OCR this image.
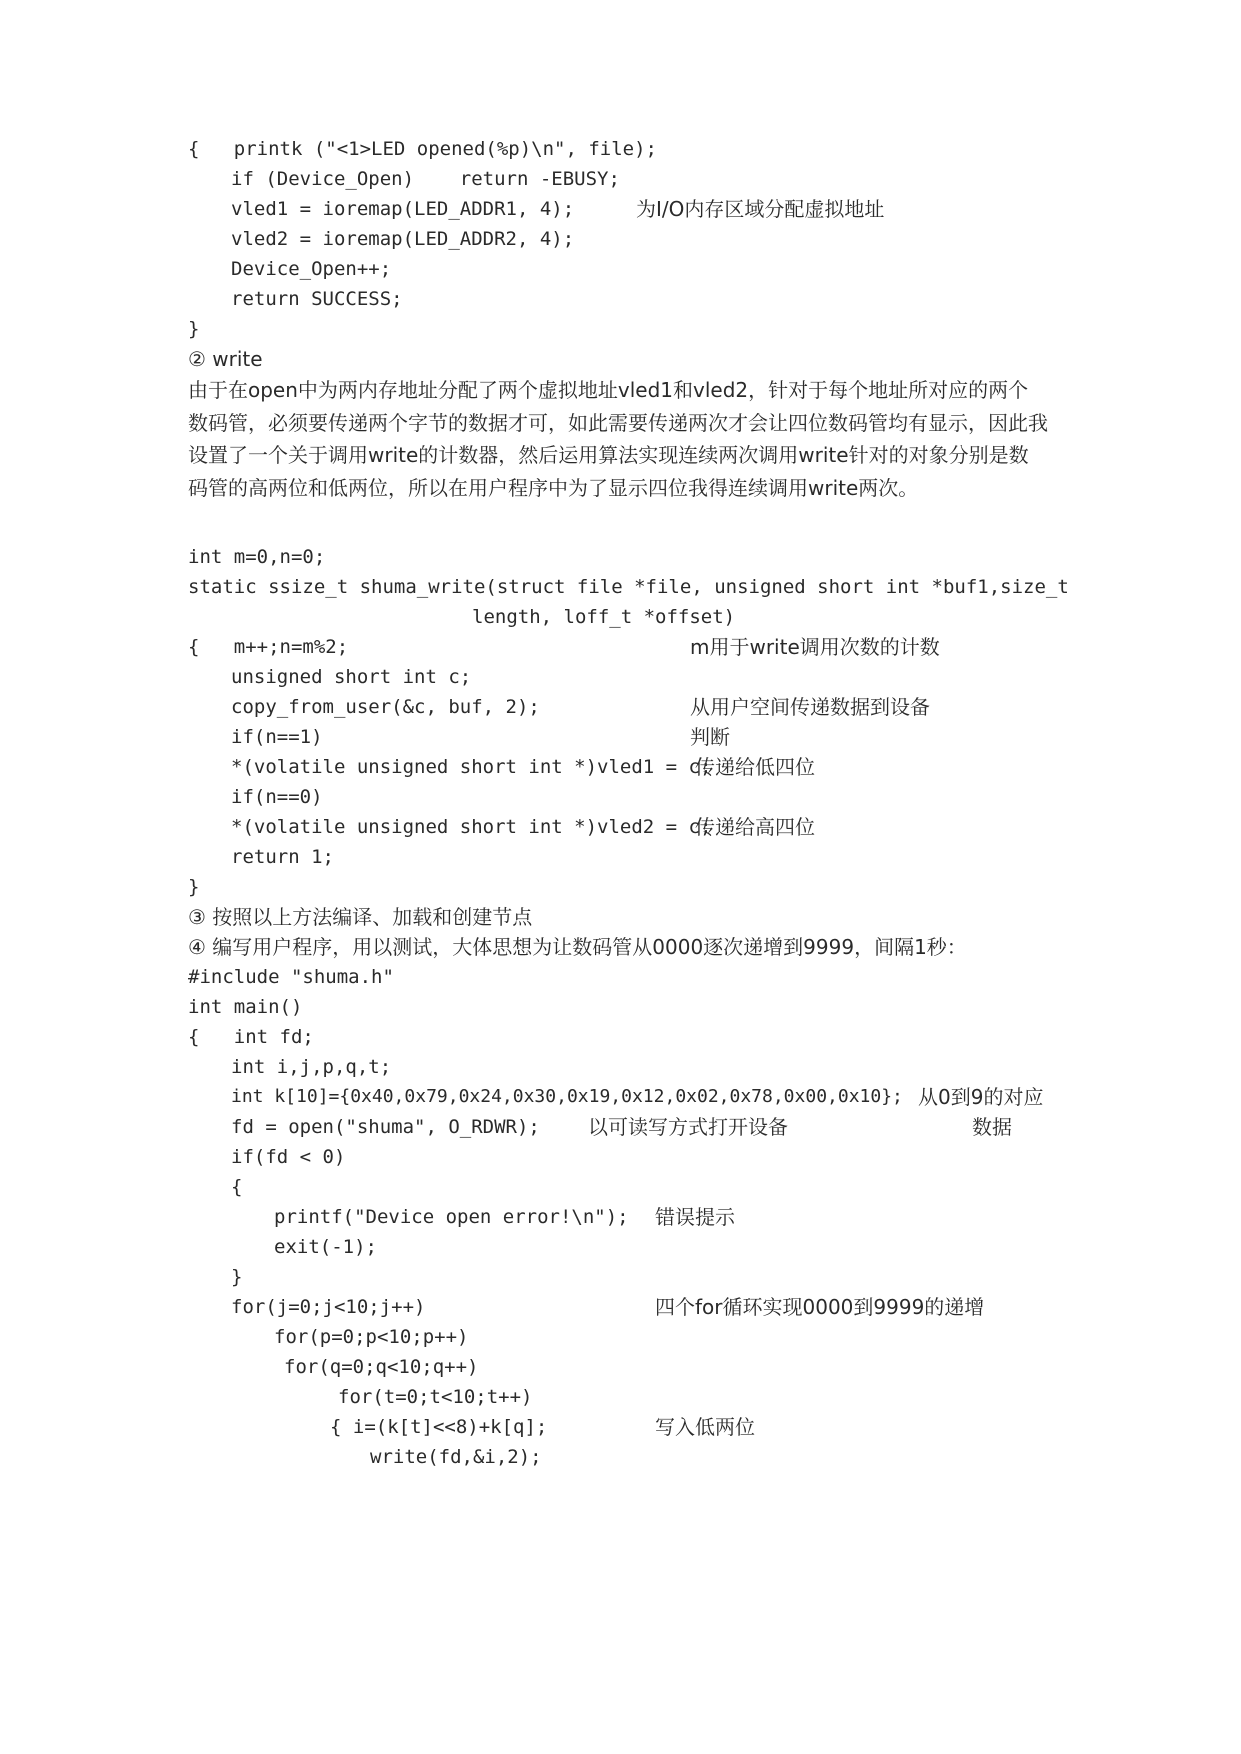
{   printk ("<1>LED opened(%p)\n", file);
if (Device_Open)    return -EBUSY;
vled1 = ioremap(LED_ADDR1, 4);	为I/O内存区域分配虚拟地址
vled2 = ioremap(LED_ADDR2, 4);
Device_Open++;
return SUCCESS;
}
② write
由于在open中为两内存地址分配了两个虚拟地址vled1和vled2，针对于每个地址所对应的两个数码管，必须要传递两个字节的数据才可，如此需要传递两次才会让四位数码管均有显示，因此我设置了一个关于调用write的计数器，然后运用算法实现连续两次调用write针对的对象分别是数码管的高两位和低两位，所以在用户程序中为了显示四位我得连续调用write两次。
int m=0,n=0;
static ssize_t shuma_write(struct file *file, unsigned short int *buf1,size_t
length, loff_t *offset)
{   m++;n=m%2;	m用于write调用次数的计数
unsigned short int c;
copy_from_user(&c, buf, 2);	从用户空间传递数据到设备
if(n==1)	判断
*(volatile unsigned short int *)vled1 = c;
传递给低四位
if(n==0)
*(volatile unsigned short int *)vled2 = c;
传递给高四位
return 1;
}
③ 按照以上方法编译、加载和创建节点
④ 编写用户程序，用以测试，大体思想为让数码管从0000逐次递增到9999，间隔1秒：
#include "shuma.h"
int main()
{   int fd;
int i,j,p,q,t;
int k[10]={0x40,0x79,0x24,0x30,0x19,0x12,0x02,0x78,0x00,0x10}; 从0到9的对应
fd = open("shuma", O_RDWR); 以可读写方式打开设备	数据
if(fd < 0)
{
printf("Device open error!\n"); 错误提示
exit(-1);
}
for(j=0;j<10;j++)	四个for循环实现0000到9999的递增
for(p=0;p<10;p++)
for(q=0;q<10;q++)
for(t=0;t<10;t++)
{ i=(k[t]<<8)+k[q];	写入低两位
write(fd,&i,2);
